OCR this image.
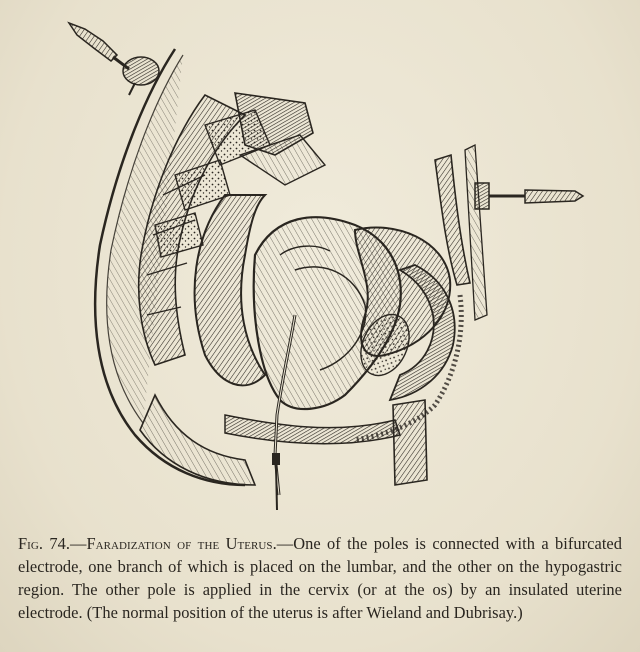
Fig. 74.—Faradization of the Uterus.—One of the poles is connected with a bifurcated electrode, one branch of which is placed on the lumbar, and the other on the hypogastric region. The other pole is applied in the cervix (or at the os) by an insulated uterine electrode. (The normal position of the uterus is after Wieland and Dubrisay.)
